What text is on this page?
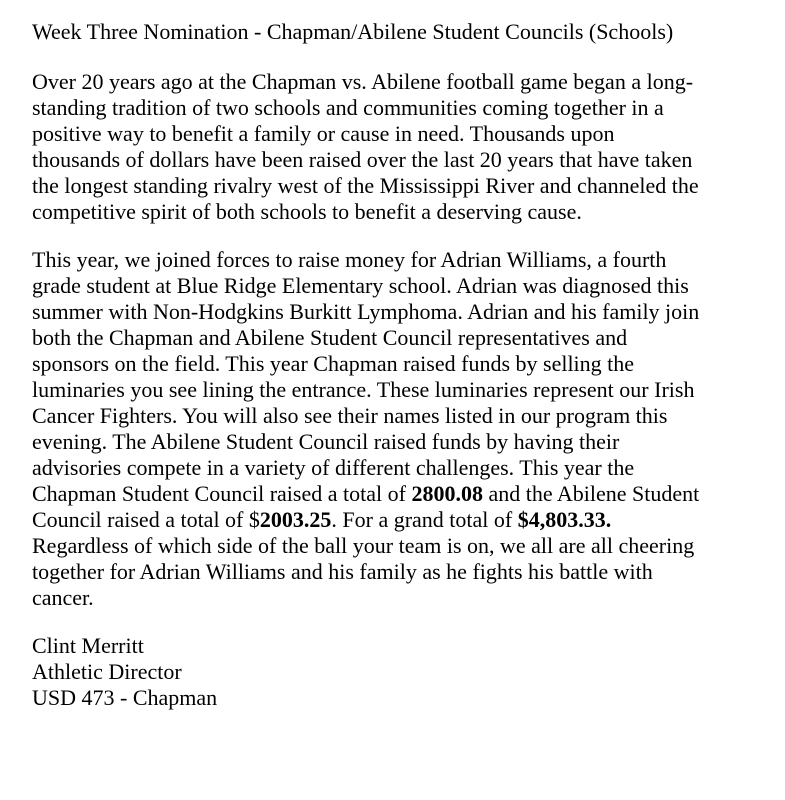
Week Three Nomination - Chapman/Abilene Student Councils (Schools)
Over 20 years ago at the Chapman vs. Abilene football game began a long-
standing tradition of two schools and communities coming together in a
positive way to benefit a family or cause in need. Thousands upon
thousands of dollars have been raised over the last 20 years that have taken
the longest standing rivalry west of the Mississippi River and channeled the
competitive spirit of both schools to benefit a deserving cause.
This year, we joined forces to raise money for Adrian Williams, a fourth
grade student at Blue Ridge Elementary school. Adrian was diagnosed this
summer with Non-Hodgkins Burkitt Lymphoma. Adrian and his family join
both the Chapman and Abilene Student Council representatives and
sponsors on the field. This year Chapman raised funds by selling the
luminaries you see lining the entrance. These luminaries represent our Irish
Cancer Fighters. You will also see their names listed in our program this
evening. The Abilene Student Council raised funds by having their
advisories compete in a variety of different challenges. This year the
Chapman Student Council raised a total of 2800.08 and the Abilene Student
Council raised a total of $2003.25. For a grand total of $4,803.33.
Regardless of which side of the ball your team is on, we all are all cheering
together for Adrian Williams and his family as he fights his battle with
cancer.
Clint Merritt
Athletic Director
USD 473 - Chapman
